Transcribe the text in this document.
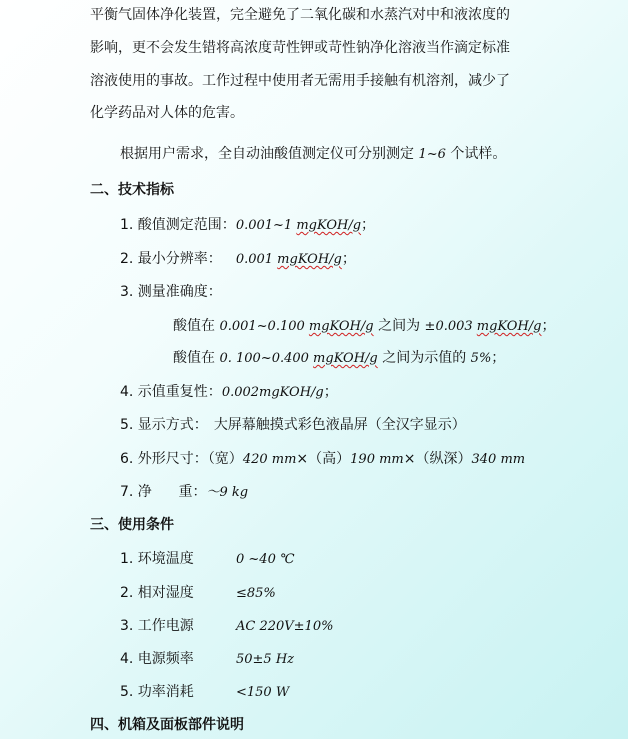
平衡气固体净化装置，完全避免了二氧化碳和水蒸汽对中和液浓度的
影响，更不会发生错将高浓度苛性钾或苛性钠净化溶液当作滴定标准
溶液使用的事故。工作过程中使用者无需用手接触有机溶剂，减少了
化学药品对人体的危害。
根据用户需求，全自动油酸值测定仪可分别测定 1~6 个试样。
二、技术指标
1. 酸值测定范围：0.001~1 mgKOH/g；
2. 最小分辨率： 0.001 mgKOH/g；
3. 测量准确度：
酸值在 0.001~0.100 mgKOH/g 之间为 ±0.003 mgKOH/g；
酸值在 0. 100~0.400 mgKOH/g 之间为示值的 5%；
4. 示值重复性：0.002mgKOH/g；
5. 显示方式： 大屏幕触摸式彩色液晶屏（全汉字显示）
6. 外形尺寸：（宽）420 mm×（高）190 mm×（纵深）340 mm
7. 净      重：～9 kg
三、使用条件
1. 环境温度	0 ~40 ℃
2. 相对湿度	≤85%
3. 工作电源	AC 220V±10%
4. 电源频率	50±5 Hz
5. 功率消耗	<150 W
四、机箱及面板部件说明
